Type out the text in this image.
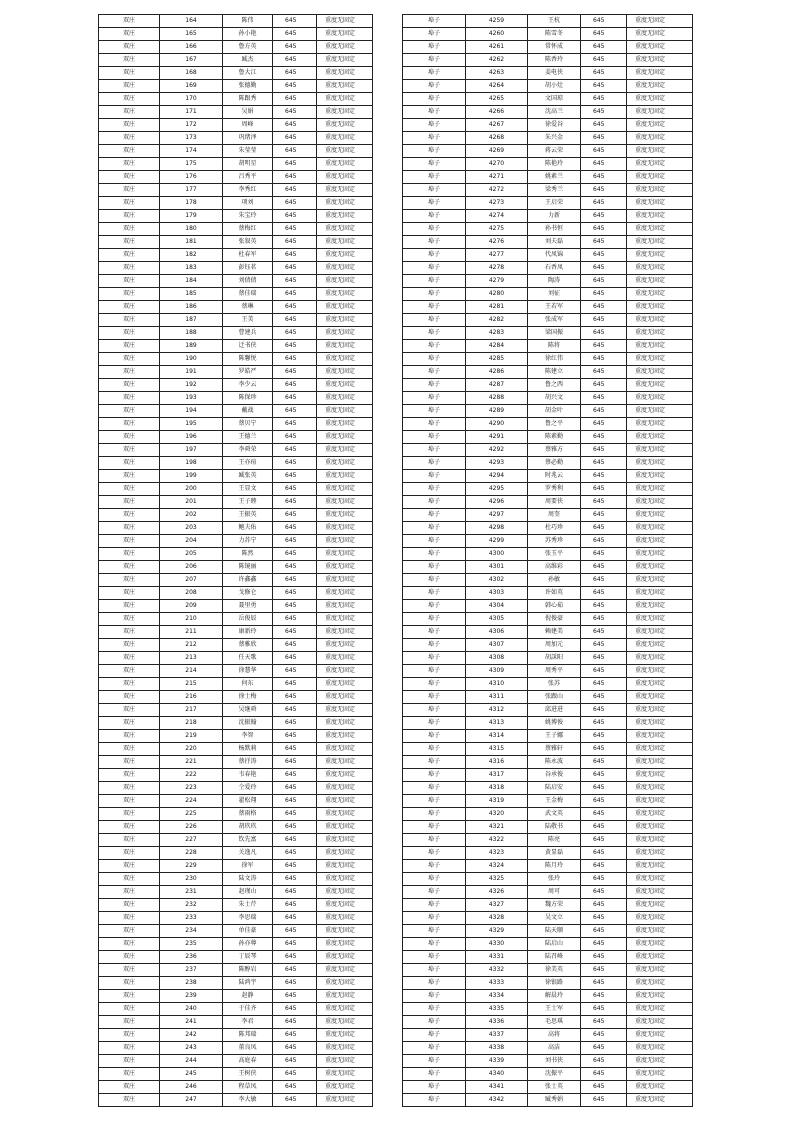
双庄	164	陈伟	645	重度无固定
双庄	165	孙小艳	645	重度无固定
双庄	166	鲁方英	645	重度无固定
双庄	167	臧杰	645	重度无固定
双庄	168	鲁大江	645	重度无固定
双庄	169	张德勤	645	重度无固定
双庄	170	陈跟秀	645	重度无固定
双庄	171	吴娟	645	重度无固定
双庄	172	周峰	645	重度无固定
双庄	173	巩绪泽	645	重度无固定
双庄	174	朱莹莹	645	重度无固定
双庄	175	胡明星	645	重度无固定
双庄	176	吕秀平	645	重度无固定
双庄	177	李秀红	645	重度无固定
双庄	178	项刘	645	重度无固定
双庄	179	朱宝玲	645	重度无固定
双庄	180	蔡梅红	645	重度无固定
双庄	181	张叙英	645	重度无固定
双庄	182	杜春军	645	重度无固定
双庄	183	彭钰茗	645	重度无固定
双庄	184	刘倩倩	645	重度无固定
双庄	185	蔡佳瑞	645	重度无固定
双庄	186	蔡琳	645	重度无固定
双庄	187	王美	645	重度无固定
双庄	188	曹建兵	645	重度无固定
双庄	189	迁书侠	645	重度无固定
双庄	190	陈馨悦	645	重度无固定
双庄	191	罗皓严	645	重度无固定
双庄	192	李少云	645	重度无固定
双庄	193	陈保珍	645	重度无固定
双庄	194	戴战	645	重度无固定
双庄	195	蔡贝宁	645	重度无固定
双庄	196	王德兰	645	重度无固定
双庄	197	李舜荣	645	重度无固定
双庄	198	王亦瑄	645	重度无固定
双庄	199	臧张英	645	重度无固定
双庄	200	王显文	645	重度无固定
双庄	201	王子睦	645	重度无固定
双庄	202	王振英	645	重度无固定
双庄	203	鲍夫佑	645	重度无固定
双庄	204	力苏宁	645	重度无固定
双庄	205	陈然	645	重度无固定
双庄	206	陈镜丽	645	重度无固定
双庄	207	许鑫鑫	645	重度无固定
双庄	208	戈修仑	645	重度无固定
双庄	209	聂里勇	645	重度无固定
双庄	210	岳俊辰	645	重度无固定
双庄	211	康新玲	645	重度无固定
双庄	212	蔡雅欣	645	重度无固定
双庄	213	任天歌	645	重度无固定
双庄	214	徐慧华	645	重度无固定
双庄	215	何东	645	重度无固定
双庄	216	徐士梅	645	重度无固定
双庄	217	吴继舜	645	重度无固定
双庄	218	沈振翰	645	重度无固定
双庄	219	李智	645	重度无固定
双庄	220	杨默莉	645	重度无固定
双庄	221	蔡抒涛	645	重度无固定
双庄	222	韦春艳	645	重度无固定
双庄	223	仝爱玲	645	重度无固定
双庄	224	翟松翔	645	重度无固定
双庄	225	蔡雨格	645	重度无固定
双庄	226	胡玖玖	645	重度无固定
双庄	227	钦先富	645	重度无固定
双庄	228	关逸凡	645	重度无固定
双庄	229	徐军	645	重度无固定
双庄	230	陆文涛	645	重度无固定
双庄	231	赵瑾山	645	重度无固定
双庄	232	朱士芹	645	重度无固定
双庄	233	李思瑞	645	重度无固定
双庄	234	单佳豪	645	重度无固定
双庄	235	孙亦尊	645	重度无固定
双庄	236	丁辰琴	645	重度无固定
双庄	237	陈醇岩	645	重度无固定
双庄	238	陆鸿宇	645	重度无固定
双庄	239	赵静	645	重度无固定
双庄	240	于佳齐	645	重度无固定
双庄	241	李君	645	重度无固定
双庄	242	陈邦瑞	645	重度无固定
双庄	243	董良凤	645	重度无固定
双庄	244	高庭春	645	重度无固定
双庄	245	王树侠	645	重度无固定
双庄	246	程草凤	645	重度无固定
双庄	247	李大敏	645	重度无固定
埠子	4259	王杭	645	重度无固定
埠子	4260	陈雪冬	645	重度无固定
埠子	4261	常怀成	645	重度无固定
埠子	4262	陈香玲	645	重度无固定
埠子	4263	姜电侠	645	重度无固定
埠子	4264	胡小灶	645	重度无固定
埠子	4265	文国琼	645	重度无固定
埠子	4266	沈高兰	645	重度无固定
埠子	4267	徐爱谷	645	重度无固定
埠子	4268	朱兴金	645	重度无固定
埠子	4269	蒋云荣	645	重度无固定
埠子	4270	陈艳玲	645	重度无固定
埠子	4271	姚素兰	645	重度无固定
埠子	4272	梁秀兰	645	重度无固定
埠子	4273	王启荣	645	重度无固定
埠子	4274	力新	645	重度无固定
埠子	4275	孙书恒	645	重度无固定
埠子	4276	刘夫磊	645	重度无固定
埠子	4277	代凤锦	645	重度无固定
埠子	4278	石香凤	645	重度无固定
埠子	4279	陶涛	645	重度无固定
埠子	4280	刘征	645	重度无固定
埠子	4281	王若军	645	重度无固定
埠子	4282	张成军	645	重度无固定
埠子	4283	梁国振	645	重度无固定
埠子	4284	陈将	645	重度无固定
埠子	4285	徐红伟	645	重度无固定
埠子	4286	陈建立	645	重度无固定
埠子	4287	鲁之西	645	重度无固定
埠子	4288	胡兴文	645	重度无固定
埠子	4289	胡金叶	645	重度无固定
埠子	4290	鲁之平	645	重度无固定
埠子	4291	陈素勤	645	重度无固定
埠子	4292	蔡雅方	645	重度无固定
埠子	4293	蔡必勤	645	重度无固定
埠子	4294	时兆云	645	重度无固定
埠子	4295	罗秀利	645	重度无固定
埠子	4296	周要侠	645	重度无固定
埠子	4297	周奎	645	重度无固定
埠子	4298	杜巧珍	645	重度无固定
埠子	4299	苏秀珍	645	重度无固定
埠子	4300	张玉平	645	重度无固定
埠子	4301	高维彩	645	重度无固定
埠子	4302	孙敏	645	重度无固定
埠子	4303	许如英	645	重度无固定
埠子	4304	韩心茹	645	重度无固定
埠子	4305	倪俊豪	645	重度无固定
埠子	4306	赖建美	645	重度无固定
埠子	4307	周加元	645	重度无固定
埠子	4308	胡訸阳	645	重度无固定
埠子	4309	周秀平	645	重度无固定
埠子	4310	张苏	645	重度无固定
埠子	4311	张跟山	645	重度无固定
埠子	4312	邱进进	645	重度无固定
埠子	4313	姚博俊	645	重度无固定
埠子	4314	王子娜	645	重度无固定
埠子	4315	蔡雅轩	645	重度无固定
埠子	4316	陈永波	645	重度无固定
埠子	4317	谷承俊	645	重度无固定
埠子	4318	陆启安	645	重度无固定
埠子	4319	王金梅	645	重度无固定
埠子	4320	武文英	645	重度无固定
埠子	4321	陆敬书	645	重度无固定
埠子	4322	陈亮	645	重度无固定
埠子	4323	黄显磊	645	重度无固定
埠子	4324	陈月玲	645	重度无固定
埠子	4325	张玲	645	重度无固定
埠子	4326	周可	645	重度无固定
埠子	4327	魏方荣	645	重度无固定
埠子	4328	吴文立	645	重度无固定
埠子	4329	陆天顺	645	重度无固定
埠子	4330	陆启山	645	重度无固定
埠子	4331	陆召峰	645	重度无固定
埠子	4332	徐美英	645	重度无固定
埠子	4333	徐银路	645	重度无固定
埠子	4334	解晨玲	645	重度无固定
埠子	4335	王士军	645	重度无固定
埠子	4336	毛思琪	645	重度无固定
埠子	4337	高将	645	重度无固定
埠子	4338	高洁	645	重度无固定
埠子	4339	刘书侠	645	重度无固定
埠子	4340	沈振平	645	重度无固定
埠子	4341	张士英	645	重度无固定
埠子	4342	臧秀娟	645	重度无固定
